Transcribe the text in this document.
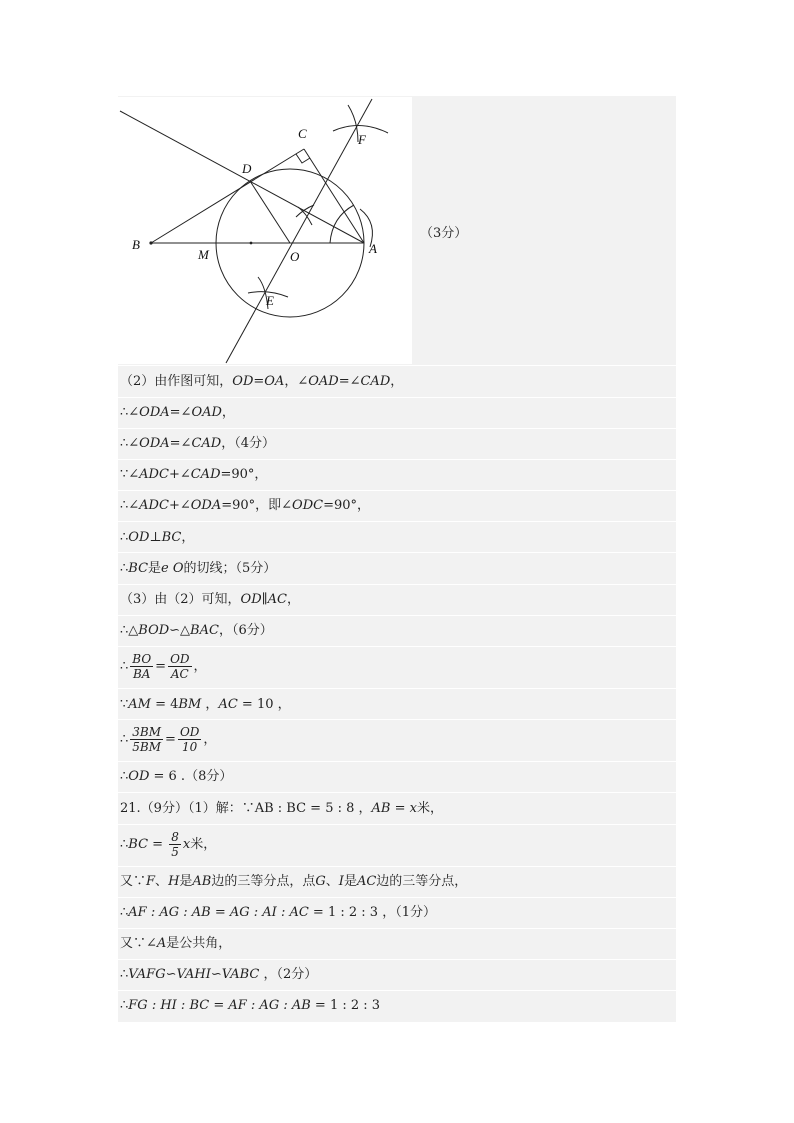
B
M	O
A
C
D
E
F
（3分）
（2）由作图可知，OD=OA，∠OAD=∠CAD，
∴∠ODA=∠OAD，
∴∠ODA=∠CAD，（4分）
∵∠ADC+∠CAD=90°，
∴∠ADC+∠ODA=90°，即∠ODC=90°，
∴OD⊥BC，
∴BC是e O的切线；（5分）
（3）由（2）可知，OD∥AC，
∴△BOD∽△BAC，（6分）
∴ $\frac{BO}{BA} = \frac{OD}{AC}$ ，
∵AM = 4BM ，AC = 10 ，
∴ $\frac{3BM}{5BM} = \frac{OD}{10}$ ，
∴OD = 6 .（8分）
21.（9分）（1）解：∵AB : BC = 5 : 8 ，AB = x米，
∴BC = $\frac{8}{5}$ x米，
又∵F、H是AB边的三等分点，点G、I是AC边的三等分点，
∴AF : AG : AB = AG : AI : AC = 1 : 2 : 3 ，（1分）
又∵∠A是公共角，
∴VAFG∽VAHI∽VABC ，（2分）
∴FG : HI : BC = AF : AG : AB = 1 : 2 : 3
